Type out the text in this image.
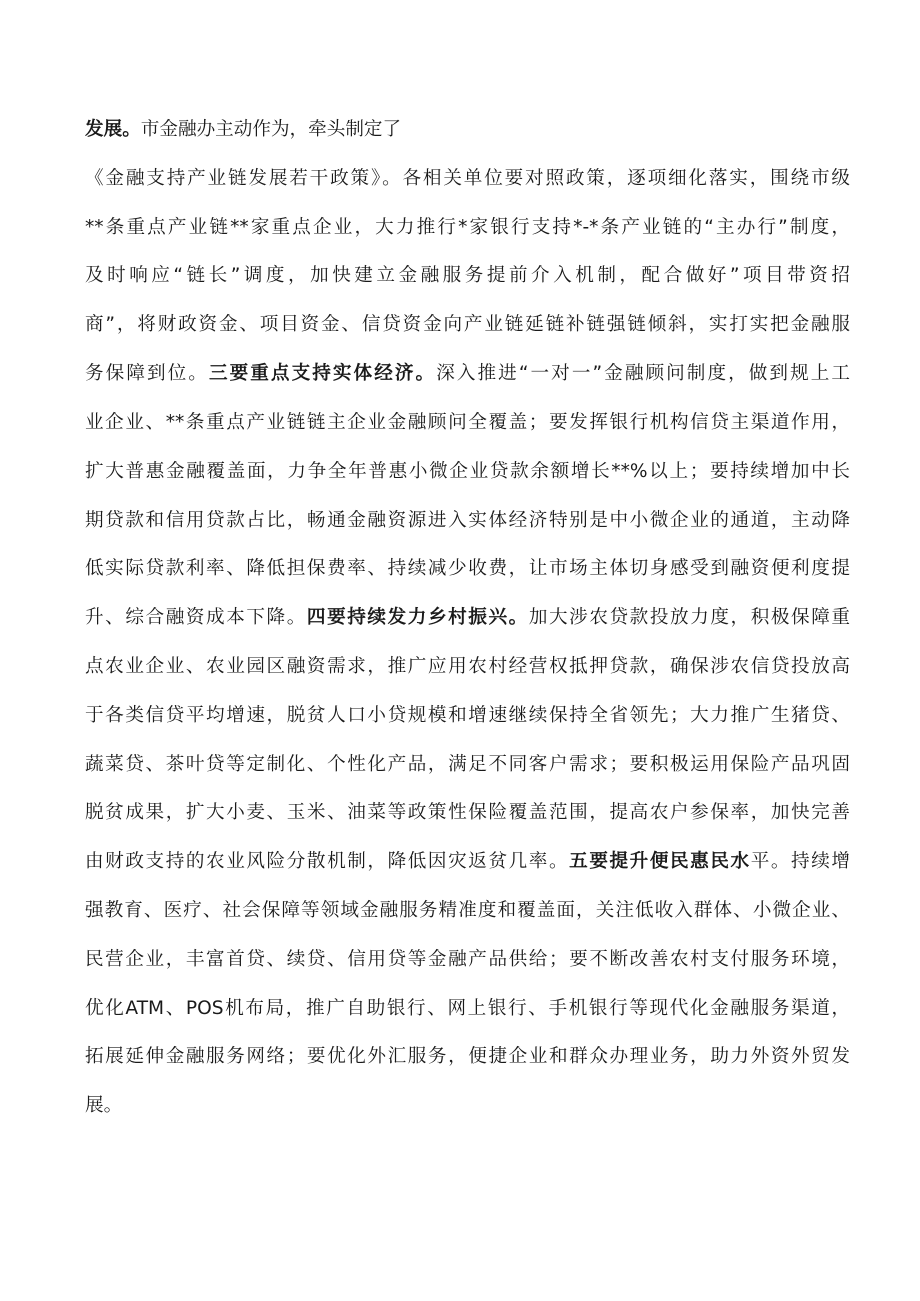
发展。市金融办主动作为，牵头制定了
《金融支持产业链发展若干政策》。各相关单位要对照政策，逐项细化落实，围绕市级
**条重点产业链**家重点企业，大力推行*家银行支持*-*条产业链的“主办行”制度，
及时响应“链长”调度，加快建立金融服务提前介入机制，配合做好”项目带资招
商”，将财政资金、项目资金、信贷资金向产业链延链补链强链倾斜，实打实把金融服
务保障到位。三要重点支持实体经济。深入推进“一对一”金融顾问制度，做到规上工
业企业、**条重点产业链链主企业金融顾问全覆盖；要发挥银行机构信贷主渠道作用，
扩大普惠金融覆盖面，力争全年普惠小微企业贷款余额增长**%以上；要持续增加中长
期贷款和信用贷款占比，畅通金融资源进入实体经济特别是中小微企业的通道，主动降
低实际贷款利率、降低担保费率、持续减少收费，让市场主体切身感受到融资便利度提
升、综合融资成本下降。四要持续发力乡村振兴。加大涉农贷款投放力度，积极保障重
点农业企业、农业园区融资需求，推广应用农村经营权抵押贷款，确保涉农信贷投放高
于各类信贷平均增速，脱贫人口小贷规模和增速继续保持全省领先；大力推广生猪贷、
蔬菜贷、茶叶贷等定制化、个性化产品，满足不同客户需求；要积极运用保险产品巩固
脱贫成果，扩大小麦、玉米、油菜等政策性保险覆盖范围，提高农户参保率，加快完善
由财政支持的农业风险分散机制，降低因灾返贫几率。五要提升便民惠民水平。持续增
强教育、医疗、社会保障等领域金融服务精准度和覆盖面，关注低收入群体、小微企业、
民营企业，丰富首贷、续贷、信用贷等金融产品供给；要不断改善农村支付服务环境，
优化ATM、POS机布局，推广自助银行、网上银行、手机银行等现代化金融服务渠道，
拓展延伸金融服务网络；要优化外汇服务，便捷企业和群众办理业务，助力外资外贸发
展。
